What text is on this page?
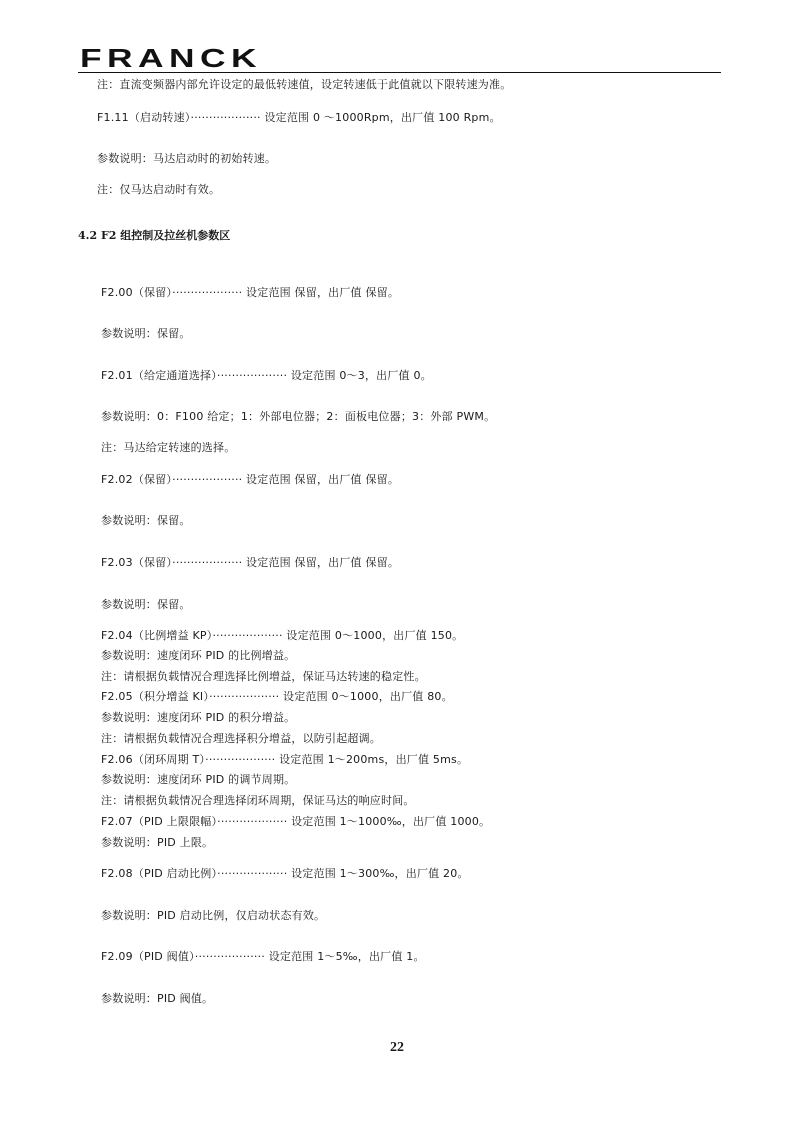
FRANCK
注：直流变频器内部允许设定的最低转速值，设定转速低于此值就以下限转速为准。
F1.11（启动转速）··················· 设定范围 0 ～1000Rpm，出厂值 100 Rpm。
参数说明：马达启动时的初始转速。
注：仅马达启动时有效。
4.2 F2 组控制及拉丝机参数区
F2.00（保留）··················· 设定范围 保留，出厂值 保留。
参数说明：保留。
F2.01（给定通道选择）··················· 设定范围 0～3，出厂值 0。
参数说明：0：F100 给定；1：外部电位器；2：面板电位器；3：外部 PWM。
注：马达给定转速的选择。
F2.02（保留）··················· 设定范围 保留，出厂值 保留。
参数说明：保留。
F2.03（保留）··················· 设定范围 保留，出厂值 保留。
参数说明：保留。
F2.04（比例增益 KP）··················· 设定范围 0～1000，出厂值 150。
参数说明：速度闭环 PID 的比例增益。
注：请根据负载情况合理选择比例增益，保证马达转速的稳定性。
F2.05（积分增益 KI）··················· 设定范围 0～1000，出厂值 80。
参数说明：速度闭环 PID 的积分增益。
注：请根据负载情况合理选择积分增益，以防引起超调。
F2.06（闭环周期 T）··················· 设定范围 1～200ms，出厂值 5ms。
参数说明：速度闭环 PID 的调节周期。
注：请根据负载情况合理选择闭环周期，保证马达的响应时间。
F2.07（PID 上限限幅）··················· 设定范围 1～1000‰，出厂值 1000。
参数说明：PID 上限。
F2.08（PID 启动比例）··················· 设定范围 1～300‰，出厂值 20。
参数说明：PID 启动比例，仅启动状态有效。
F2.09（PID 阀值）··················· 设定范围 1～5‰，出厂值 1。
参数说明：PID 阀值。
22
